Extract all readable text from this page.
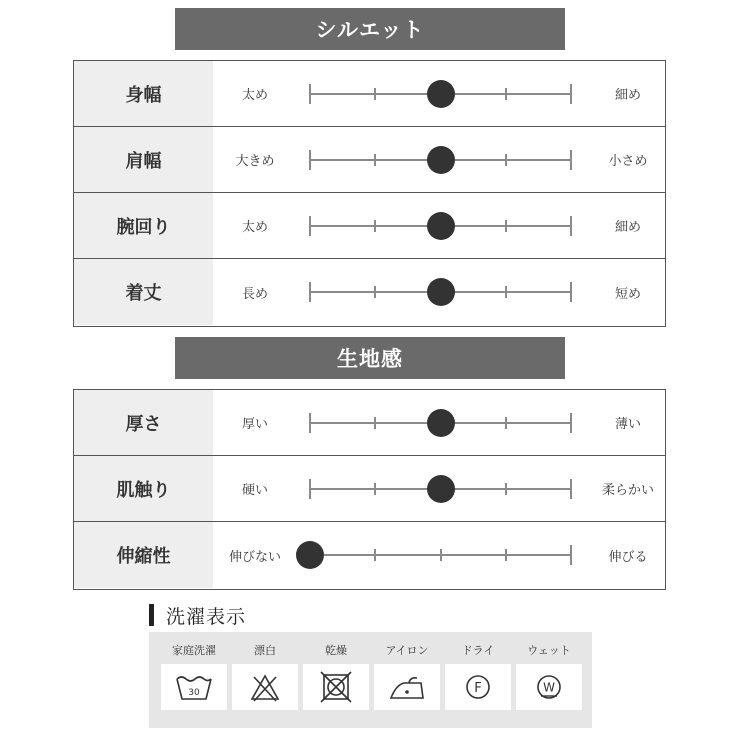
シルエット
身幅	太め	細め
肩幅	大きめ	小さめ
腕回り	太め	細め
着丈	長め	短め
生地感
厚さ	厚い	薄い
肌触り	硬い	柔らかい
伸縮性	伸びない	伸びる
洗濯表示
家庭洗濯
30
漂白	乾燥	アイロン	ドライ
F
ウェット
W
